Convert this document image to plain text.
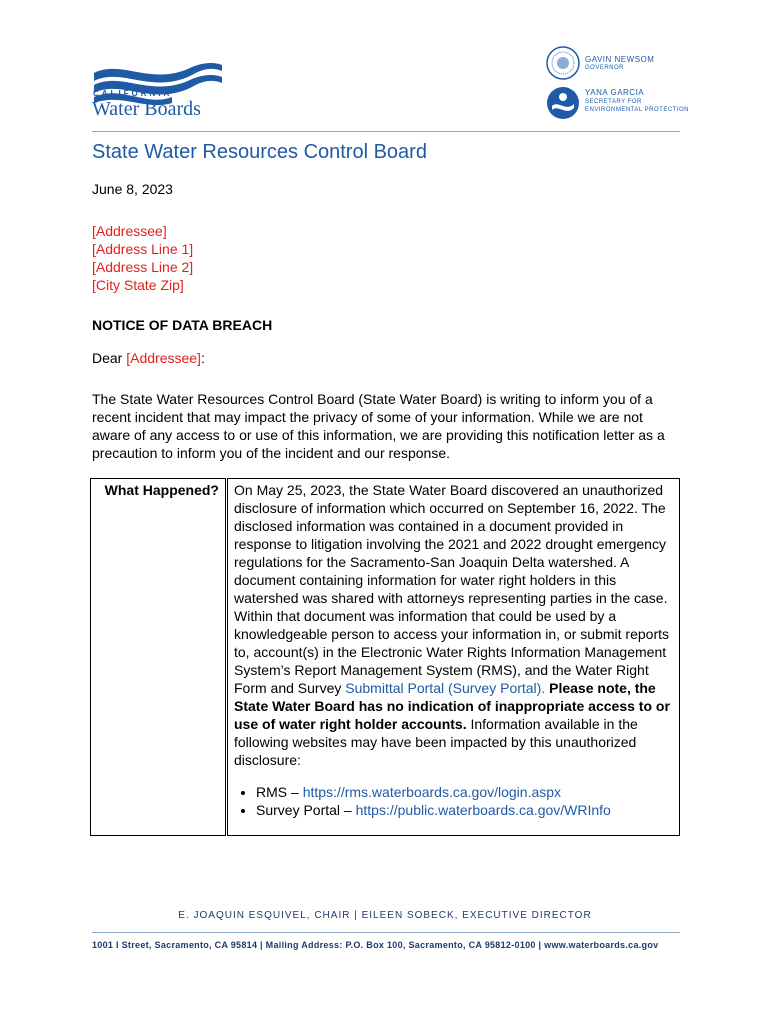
CALIFORNIA
Water Boards
GAVIN NEWSOM
GOVERNOR
YANA GARCIA
SECRETARY FOR ENVIRONMENTAL PROTECTION
State Water Resources Control Board
June 8, 2023
[Addressee]
[Address Line 1]
[Address Line 2]
[City State Zip]
NOTICE OF DATA BREACH
Dear [Addressee]:
The State Water Resources Control Board (State Water Board) is writing to inform you of a recent incident that may impact the privacy of some of your information. While we are not aware of any access to or use of this information, we are providing this notification letter as a precaution to inform you of the incident and our response.
What Happened?	On May 25, 2023, the State Water Board discovered an unauthorized disclosure of information which occurred on September 16, 2022. The disclosed information was contained in a document provided in response to litigation involving the 2021 and 2022 drought emergency regulations for the Sacramento-San Joaquin Delta watershed. A document containing information for water right holders in this watershed was shared with attorneys representing parties in the case. Within that document was information that could be used by a knowledgeable person to access your information in, or submit reports to, account(s) in the Electronic Water Rights Information Management System’s Report Management System (RMS), and the Water Right Form and Survey Submittal Portal (Survey Portal). Please note, the State Water Board has no indication of inappropriate access to or use of water right holder accounts. Information available in the following websites may have been impacted by this unauthorized disclosure:
• RMS – https://rms.waterboards.ca.gov/login.aspx
• Survey Portal – https://public.waterboards.ca.gov/WRInfo
E. JOAQUIN ESQUIVEL, CHAIR | EILEEN SOBECK, EXECUTIVE DIRECTOR
1001 I Street, Sacramento, CA 95814 | Mailing Address: P.O. Box 100, Sacramento, CA 95812-0100 | www.waterboards.ca.gov
